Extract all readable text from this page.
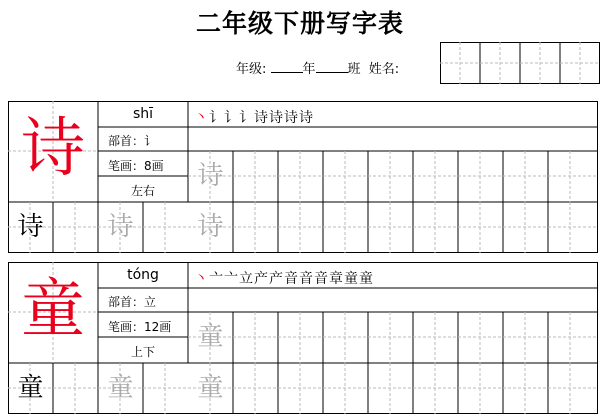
二年级下册写字表
年级:	年 班 姓名:
诗	shī
部首：讠
笔画：8画
左右
丶讠讠讠诗诗诗诗
诗
诗	诗	诗
童	tóng
部首：立
笔画：12画
上下
丶亠亠立产产音音音章童童
童
童	童	童
